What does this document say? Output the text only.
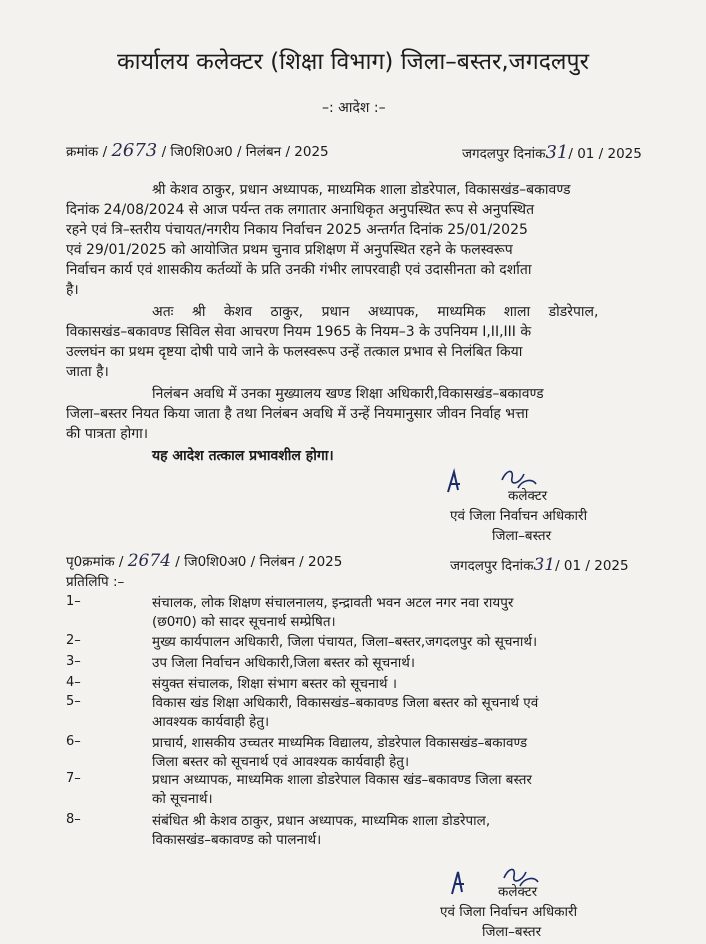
कार्यालय कलेक्टर (शिक्षा विभाग) जिला–बस्तर,जगदलपुर
–: आदेश :–
क्रमांक / 2673 / जि0शि0अ0 / निलंबन / 2025	जगदलपुर दिनांक31/ 01 / 2025
श्री केशव ठाकुर, प्रधान अध्यापक, माध्यमिक शाला डोडरेपाल, विकासखंड–बकावण्ड
दिनांक 24/08/2024 से आज पर्यन्त तक लगातार अनाधिकृत अनुपस्थित रूप से अनुपस्थित
रहने एवं त्रि–स्तरीय पंचायत/नगरीय निकाय निर्वाचन 2025 अन्तर्गत दिनांक 25/01/2025
एवं 29/01/2025 को आयोजित प्रथम चुनाव प्रशिक्षण में अनुपस्थित रहने के फलस्वरूप
निर्वाचन कार्य एवं शासकीय कर्तव्यों के प्रति उनकी गंभीर लापरवाही एवं उदासीनता को दर्शाता
है।
अतः श्री केशव ठाकुर, प्रधान अध्यापक, माध्यमिक शाला डोडरेपाल,
विकासखंड–बकावण्ड सिविल सेवा आचरण नियम 1965 के नियम–3 के उपनियम I,II,III के
उल्लघंन का प्रथम दृष्टया दोषी पाये जाने के फलस्वरूप उन्हें तत्काल प्रभाव से निलंबित किया
जाता है।
निलंबन अवधि में उनका मुख्यालय खण्ड शिक्षा अधिकारी,विकासखंड–बकावण्ड
जिला–बस्तर नियत किया जाता है तथा निलंबन अवधि में उन्हें नियमानुसार जीवन निर्वाह भत्ता
की पात्रता होगा।
यह आदेश तत्काल प्रभावशील होगा।
कलेक्टर
एवं जिला निर्वाचन अधिकारी
जिला–बस्तर
पृ0क्रमांक / 2674 / जि0शि0अ0 / निलंबन / 2025	जगदलपुर दिनांक31/ 01 / 2025
प्रतिलिपि :–
1–	संचालक, लोक शिक्षण संचालनालय, इन्द्रावती भवन अटल नगर नवा रायपुर
(छ0ग0) को सादर सूचनार्थ सम्प्रेषित।
2–	मुख्य कार्यपालन अधिकारी, जिला पंचायत, जिला–बस्तर,जगदलपुर को सूचनार्थ।
3–	उप जिला निर्वाचन अधिकारी,जिला बस्तर को सूचनार्थ।
4–	संयुक्त संचालक, शिक्षा संभाग बस्तर को सूचनार्थ ।
5–	विकास खंड शिक्षा अधिकारी, विकासखंड–बकावण्ड जिला बस्तर को सूचनार्थ एवं
आवश्यक कार्यवाही हेतु।
6–	प्राचार्य, शासकीय उच्चतर माध्यमिक विद्यालय, डोडरेपाल विकासखंड–बकावण्ड
जिला बस्तर को सूचनार्थ एवं आवश्यक कार्यवाही हेतु।
7–	प्रधान अध्यापक, माध्यमिक शाला डोडरेपाल विकास खंड–बकावण्ड जिला बस्तर
को सूचनार्थ।
8–	संबंधित श्री केशव ठाकुर, प्रधान अध्यापक, माध्यमिक शाला डोडरेपाल,
विकासखंड–बकावण्ड को पालनार्थ।
कलेक्टर
एवं जिला निर्वाचन अधिकारी
जिला–बस्तर
